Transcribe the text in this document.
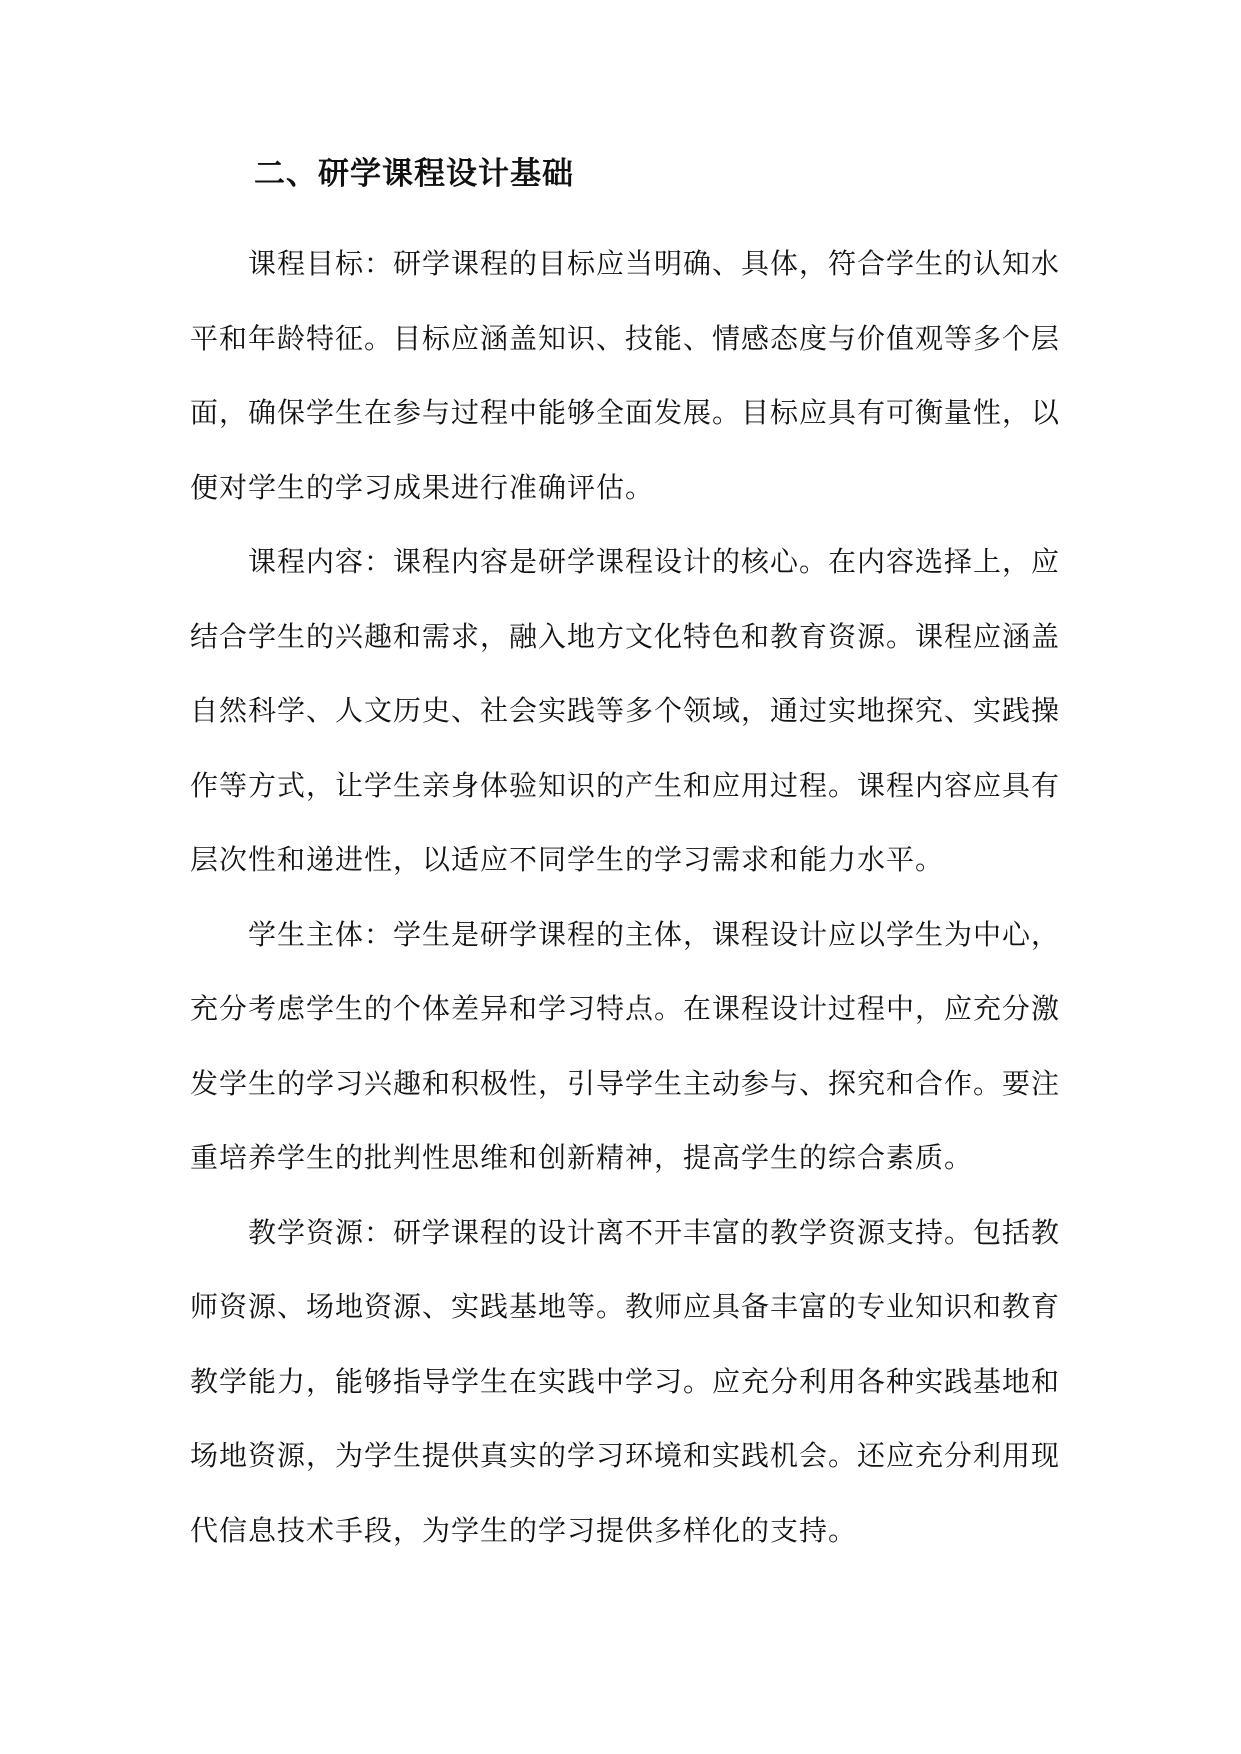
二、研学课程设计基础

课程目标：研学课程的目标应当明确、具体，符合学生的认知水平和年龄特征。目标应涵盖知识、技能、情感态度与价值观等多个层面，确保学生在参与过程中能够全面发展。目标应具有可衡量性，以便对学生的学习成果进行准确评估。

课程内容：课程内容是研学课程设计的核心。在内容选择上，应结合学生的兴趣和需求，融入地方文化特色和教育资源。课程应涵盖自然科学、人文历史、社会实践等多个领域，通过实地探究、实践操作等方式，让学生亲身体验知识的产生和应用过程。课程内容应具有层次性和递进性，以适应不同学生的学习需求和能力水平。

学生主体：学生是研学课程的主体，课程设计应以学生为中心，充分考虑学生的个体差异和学习特点。在课程设计过程中，应充分激发学生的学习兴趣和积极性，引导学生主动参与、探究和合作。要注重培养学生的批判性思维和创新精神，提高学生的综合素质。

教学资源：研学课程的设计离不开丰富的教学资源支持。包括教师资源、场地资源、实践基地等。教师应具备丰富的专业知识和教育教学能力，能够指导学生在实践中学习。应充分利用各种实践基地和场地资源，为学生提供真实的学习环境和实践机会。还应充分利用现代信息技术手段，为学生的学习提供多样化的支持。
